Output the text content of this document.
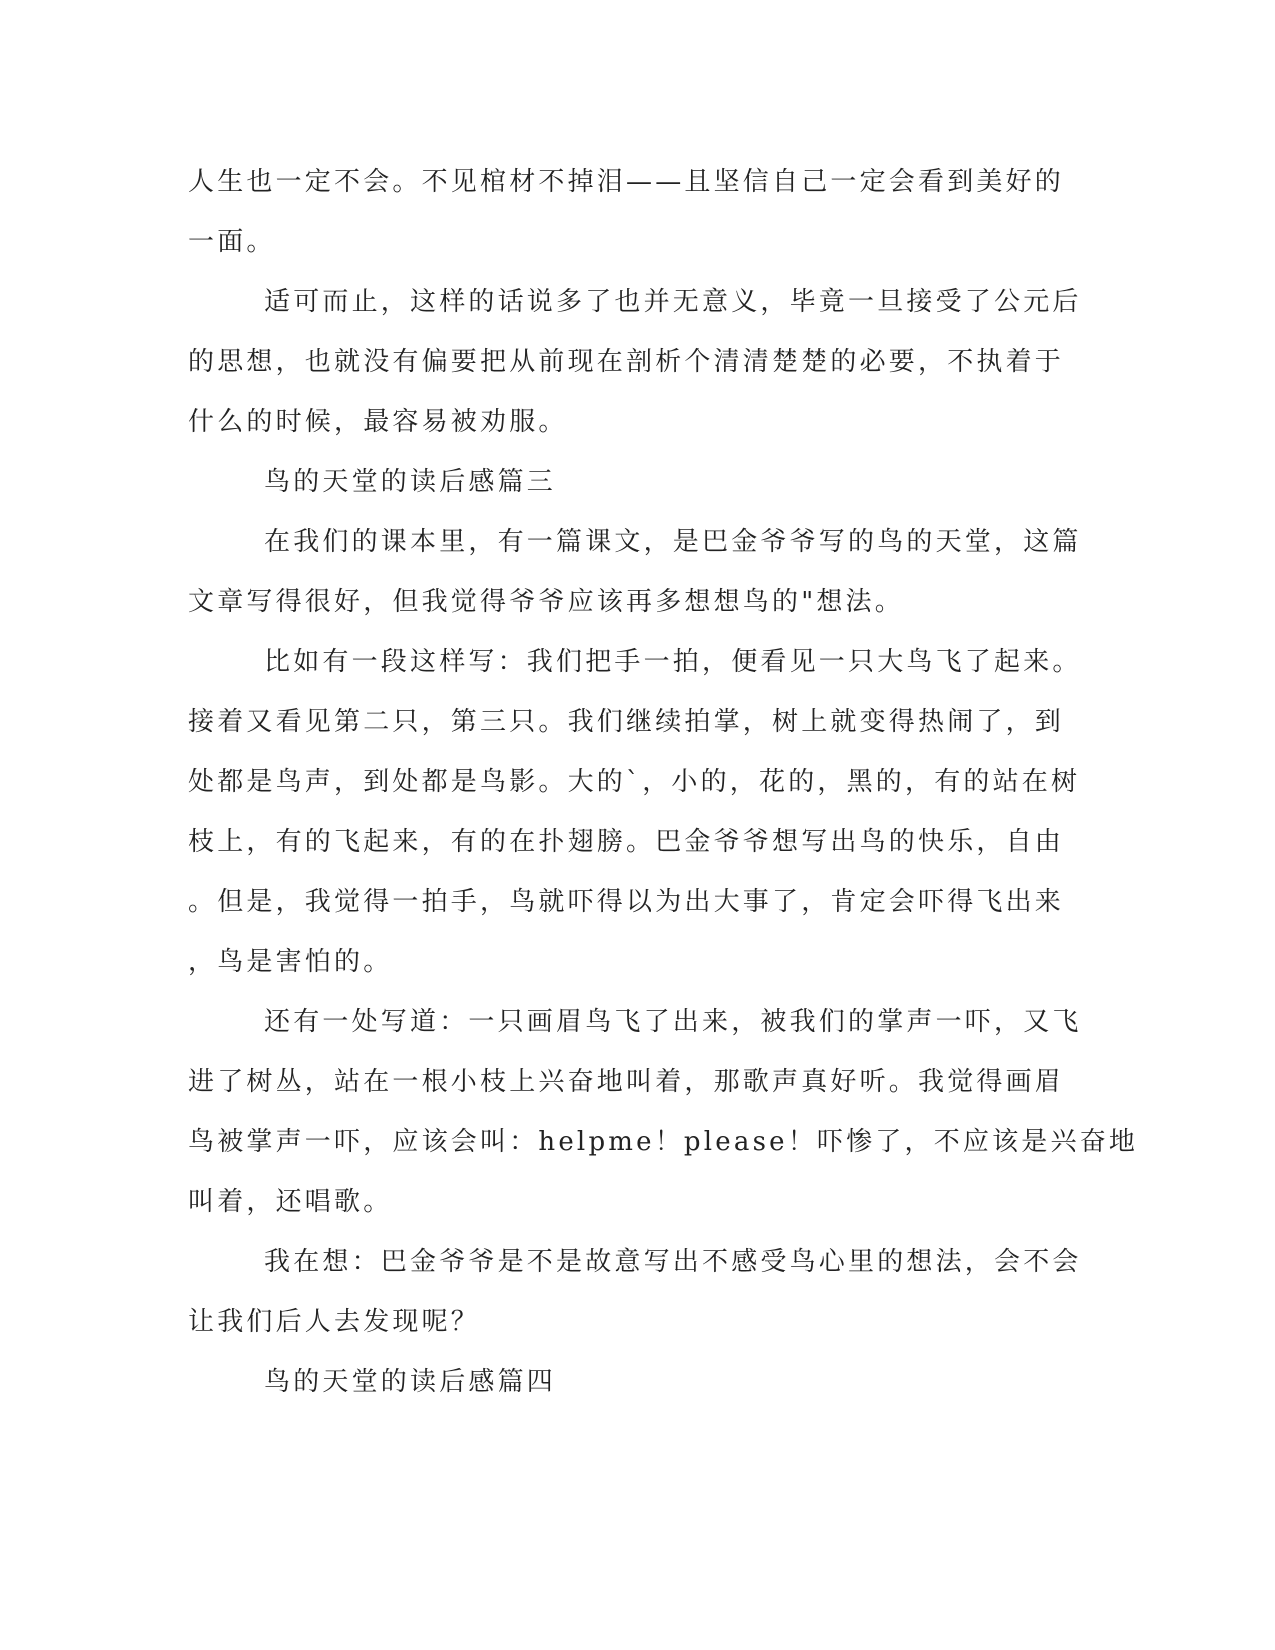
人生也一定不会。不见棺材不掉泪——且坚信自己一定会看到美好的
一面。
适可而止，这样的话说多了也并无意义，毕竟一旦接受了公元后
的思想，也就没有偏要把从前现在剖析个清清楚楚的必要，不执着于
什么的时候，最容易被劝服。
鸟的天堂的读后感篇三
在我们的课本里，有一篇课文，是巴金爷爷写的鸟的天堂，这篇
文章写得很好，但我觉得爷爷应该再多想想鸟的"想法。
比如有一段这样写：我们把手一拍，便看见一只大鸟飞了起来。
接着又看见第二只，第三只。我们继续拍掌，树上就变得热闹了，到
处都是鸟声，到处都是鸟影。大的`，小的，花的，黑的，有的站在树
枝上，有的飞起来，有的在扑翅膀。巴金爷爷想写出鸟的快乐，自由
。但是，我觉得一拍手，鸟就吓得以为出大事了，肯定会吓得飞出来
，鸟是害怕的。
还有一处写道：一只画眉鸟飞了出来，被我们的掌声一吓，又飞
进了树丛，站在一根小枝上兴奋地叫着，那歌声真好听。我觉得画眉
鸟被掌声一吓，应该会叫：helpme！please！吓惨了，不应该是兴奋地
叫着，还唱歌。
我在想：巴金爷爷是不是故意写出不感受鸟心里的想法，会不会
让我们后人去发现呢？
鸟的天堂的读后感篇四
